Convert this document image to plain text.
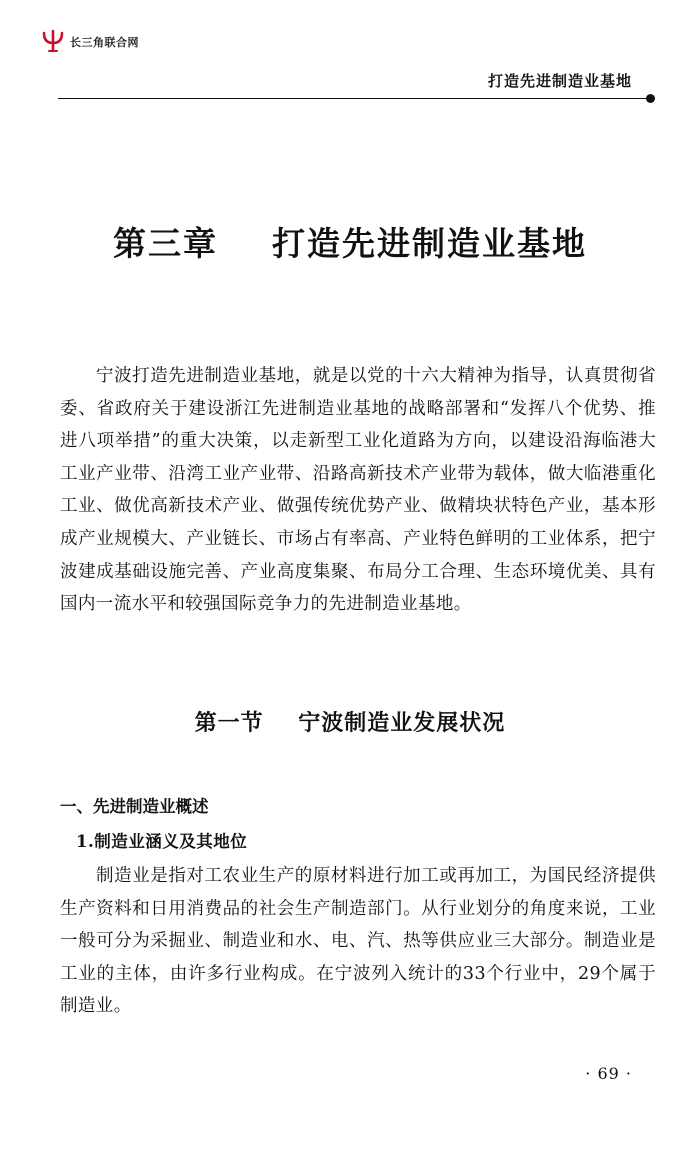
长三角联合网
打造先进制造业基地
第三章    打造先进制造业基地

宁波打造先进制造业基地，就是以党的十六大精神为指导，认真贯彻省委、省政府关于建设浙江先进制造业基地的战略部署和“发挥八个优势、推进八项举措”的重大决策，以走新型工业化道路为方向，以建设沿海临港大工业产业带、沿湾工业产业带、沿路高新技术产业带为载体，做大临港重化工业、做优高新技术产业、做强传统优势产业、做精块状特色产业，基本形成产业规模大、产业链长、市场占有率高、产业特色鲜明的工业体系，把宁波建成基础设施完善、产业高度集聚、布局分工合理、生态环境优美、具有国内一流水平和较强国际竞争力的先进制造业基地。

第一节    宁波制造业发展状况
一、先进制造业概述
1.制造业涵义及其地位

制造业是指对工农业生产的原材料进行加工或再加工，为国民经济提供生产资料和日用消费品的社会生产制造部门。从行业划分的角度来说，工业一般可分为采掘业、制造业和水、电、汽、热等供应业三大部分。制造业是工业的主体，由许多行业构成。在宁波列入统计的33个行业中，29个属于制造业。

· 69 ·
